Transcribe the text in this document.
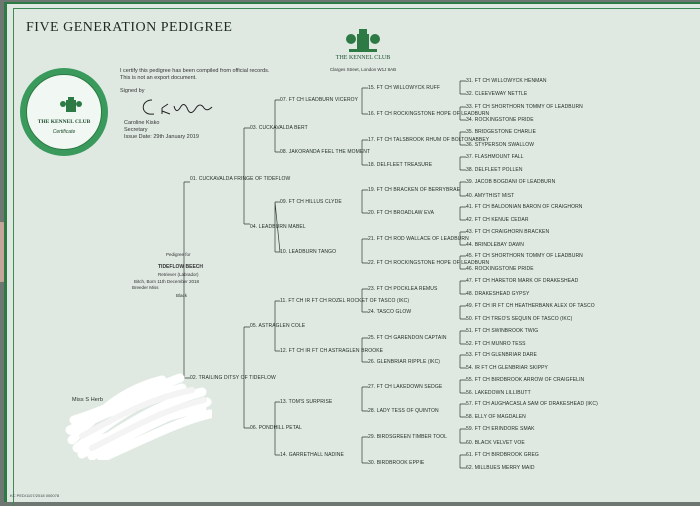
FIVE GENERATION PEDIGREE
THE KENNEL CLUB
Certificate
THE KENNEL CLUB
Clarges Street, London W1J 8AB
I certify this pedigree has been compiled from official records. This is not an export document.
Signed by
Caroline Kisko
Secretary
Issue Date: 29th January 2019
Pedigree for
TIDEFLOW BEECH
Retriever (Labrador)
Bitch, Born 11th December 2018
Breeder Miss
Black
01. CUCKAVALDA FRINGE OF TIDEFLOW
02. TRAILING DITSY OF TIDEFLOW
03. CUCKAVALDA BERT
04. LEADBURN MABEL
05. ASTRAGLEN COLE
06. PONDHILL PETAL
07. FT CH LEADBURN VICEROY
08. JAKORANDA FEEL THE MOMENT
09. FT CH HILLUS CLYDE
10. LEADBURN TANGO
11. FT CH IR FT CH ROZEL ROCKET OF TASCO (IKC)
12. FT CH IR FT CH ASTRAGLEN BROOKE
13. TOM'S SURPRISE
14. GARRETHALL NADINE
15. FT CH WILLOWYCK RUFF
16. FT CH ROCKINGSTONE HOPE OF LEADBURN
17. FT CH TALSBROOK RHUM OF BOLTONABBEY
18. DELFLEET TREASURE
19. FT CH BRACKEN OF BERRYBRAE
20. FT CH BROADLAW EVA
21. FT CH ROD WALLACE OF LEADBURN
22. FT CH ROCKINGSTONE HOPE OF LEADBURN
23. FT CH POCKLEA REMUS
24. TASCO GLOW
25. FT CH GARENDON CAPTAIN
26. GLENBRIAR RIPPLE (IKC)
27. FT CH LAKEDOWN SEDGE
28. LADY TESS OF QUINTON
29. BIRDSGREEN TIMBER TOOL
30. BIRDBROOK EPPIE
31. FT CH WILLOWYCK HENMAN
32. CLEEVEWAY NETTLE
33. FT CH SHORTHORN TOMMY OF LEADBURN
34. ROCKINGSTONE PRIDE
35. BRIDGESTONE CHARLIE
36. STYPERSON SWALLOW
37. FLASHMOUNT FALL
38. DELFLEET POLLEN
39. JACOB BOGDANI OF LEADBURN
40. AMYTHIST MIST
41. FT CH BALDONIAN BARON OF CRAIGHORN
42. FT CH KENUE CEDAR
43. FT CH CRAIGHORN BRACKEN
44. BRINDLEBAY DAWN
45. FT CH SHORTHORN TOMMY OF LEADBURN
46. ROCKINGSTONE PRIDE
47. FT CH HARETOR MARK OF DRAKESHEAD
48. DRAKESHEAD GYPSY
49. FT CH IR FT CH HEATHERBANK ALEX OF TASCO
50. FT CH TREO'S SEQUIN OF TASCO (IKC)
51. FT CH SWINBROOK TWIG
52. FT CH MUNRO TESS
53. FT CH GLENBRIAR DARE
54. IR FT CH GLENBRIAR SKIPPY
55. FT CH BIRDBROOK ARROW OF CRAIGFELIN
56. LAKEDOWN LILLIBUTT
57. FT CH AUGHACASLA SAM OF DRAKESHEAD (IKC)
58. ELLY OF MAGDALEN
59. FT CH ERINDORE SMAK
60. BLACK VELVET VOE
61. FT CH BIRDBROOK GREG
62. MILLBUES MERRY MAID
Miss S Herb
KC PED/1107/2018 000078
